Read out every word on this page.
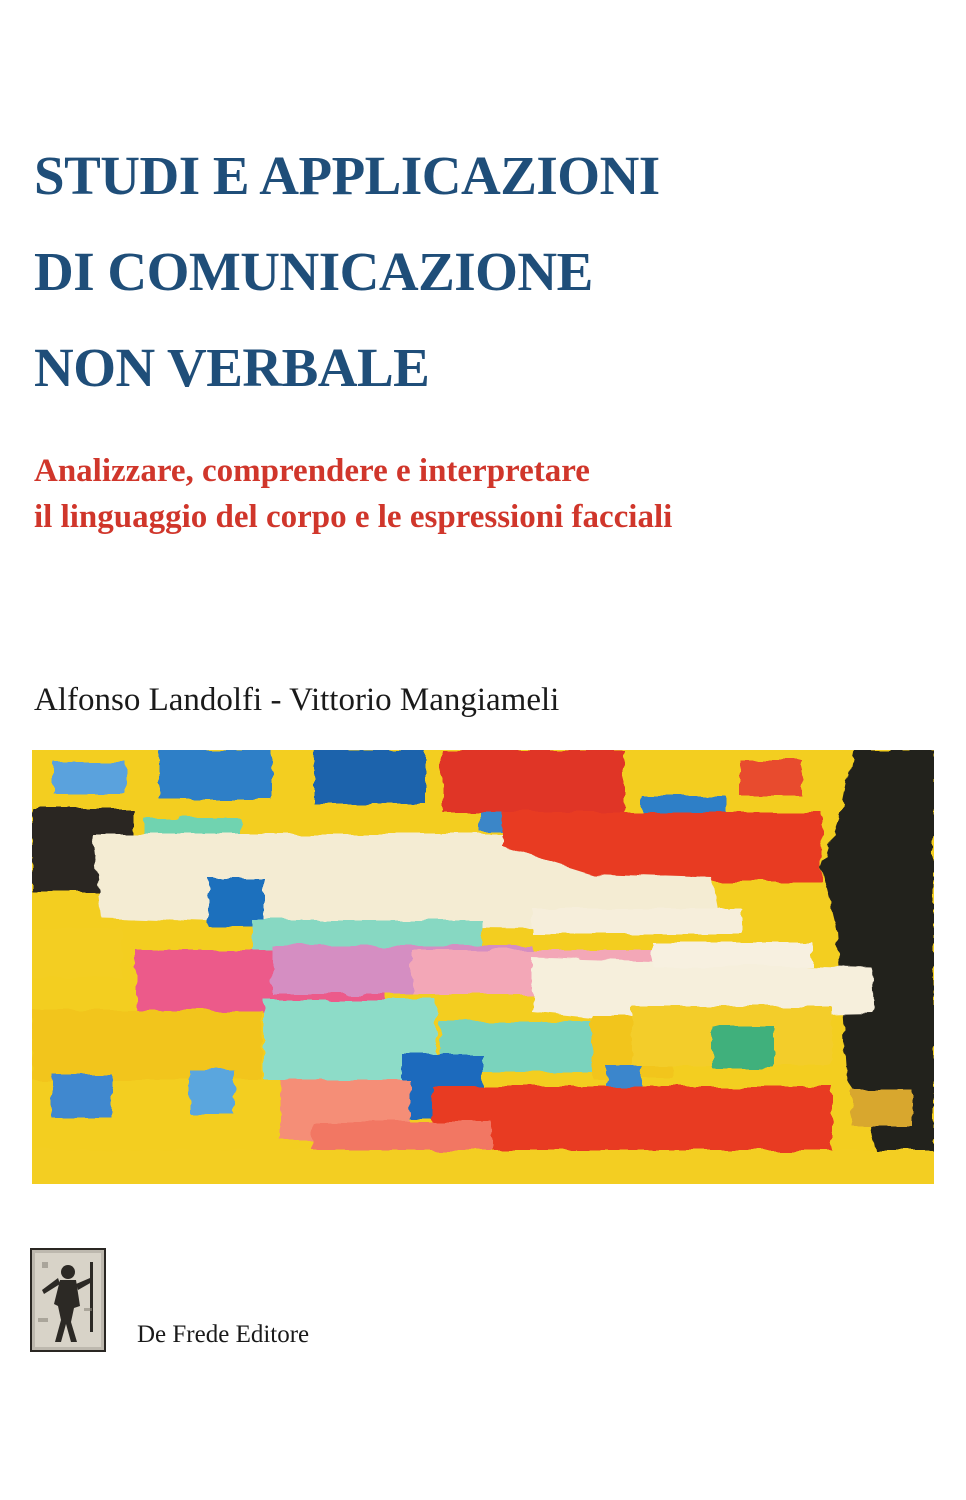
STUDI E APPLICAZIONI
DI COMUNICAZIONE
NON VERBALE
Analizzare, comprendere e interpretare
il linguaggio del corpo e le espressioni facciali

Alfonso Landolfi - Vittorio Mangiameli

De Frede Editore
